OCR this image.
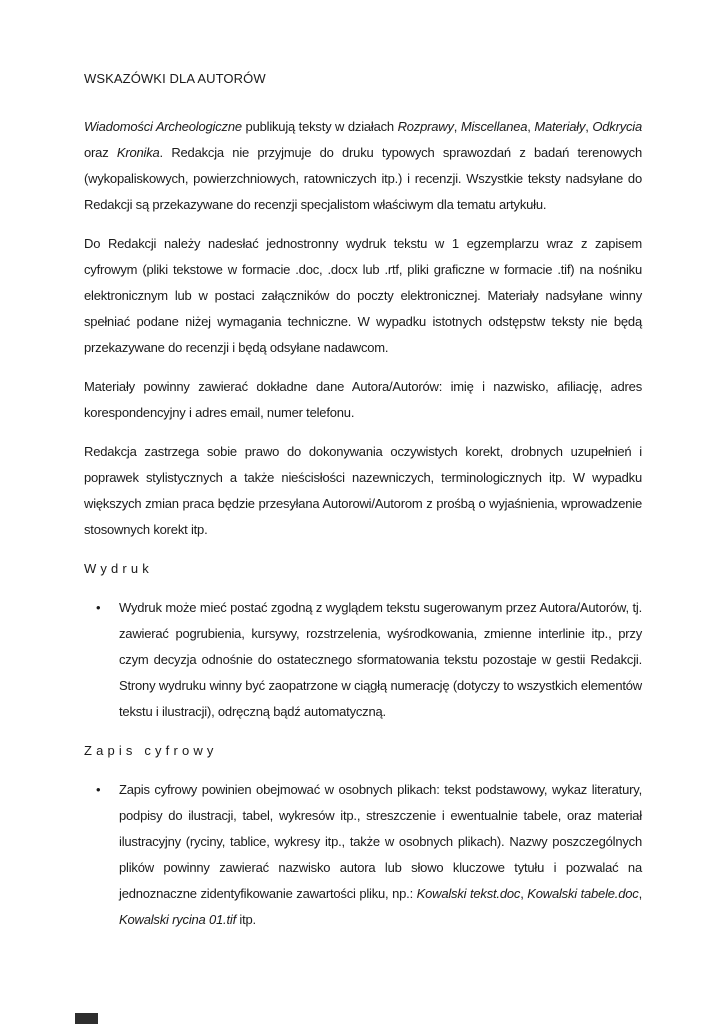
WSKAZÓWKI DLA AUTORÓW

Wiadomości Archeologiczne publikują teksty w działach Rozprawy, Miscellanea, Materiały, Odkrycia oraz Kronika. Redakcja nie przyjmuje do druku typowych sprawozdań z badań terenowych (wykopaliskowych, powierzchniowych, ratowniczych itp.) i recenzji. Wszystkie teksty nadsyłane do Redakcji są przekazywane do recenzji specjalistom właściwym dla tematu artykułu.

Do Redakcji należy nadesłać jednostronny wydruk tekstu w 1 egzemplarzu wraz z zapisem cyfrowym (pliki tekstowe w formacie .doc, .docx lub .rtf, pliki graficzne w formacie .tif) na nośniku elektronicznym lub w postaci załączników do poczty elektronicznej. Materiały nadsyłane winny spełniać podane niżej wymagania techniczne. W wypadku istotnych odstępstw teksty nie będą przekazywane do recenzji i będą odsyłane nadawcom.

Materiały powinny zawierać dokładne dane Autora/Autorów: imię i nazwisko, afiliację, adres korespondencyjny i adres email, numer telefonu.

Redakcja zastrzega sobie prawo do dokonywania oczywistych korekt, drobnych uzupełnień i poprawek stylistycznych a także nieścisłości nazewniczych, terminologicznych itp. W wypadku większych zmian praca będzie przesyłana Autorowi/Autorom z prośbą o wyjaśnienia, wprowadzenie stosownych korekt itp.

Wydruk
• Wydruk może mieć postać zgodną z wyglądem tekstu sugerowanym przez Autora/Autorów, tj. zawierać pogrubienia, kursywy, rozstrzelenia, wyśrodkowania, zmienne interlinie itp., przy czym decyzja odnośnie do ostatecznego sformatowania tekstu pozostaje w gestii Redakcji. Strony wydruku winny być zaopatrzone w ciągłą numerację (dotyczy to wszystkich elementów tekstu i ilustracji), odręczną bądź automatyczną.
Zapis cyfrowy
• Zapis cyfrowy powinien obejmować w osobnych plikach: tekst podstawowy, wykaz literatury, podpisy do ilustracji, tabel, wykresów itp., streszczenie i ewentualnie tabele, oraz materiał ilustracyjny (ryciny, tablice, wykresy itp., także w osobnych plikach). Nazwy poszczególnych plików powinny zawierać nazwisko autora lub słowo kluczowe tytułu i pozwalać na jednoznaczne zidentyfikowanie zawartości pliku, np.: Kowalski tekst.doc, Kowalski tabele.doc, Kowalski rycina 01.tif itp.
